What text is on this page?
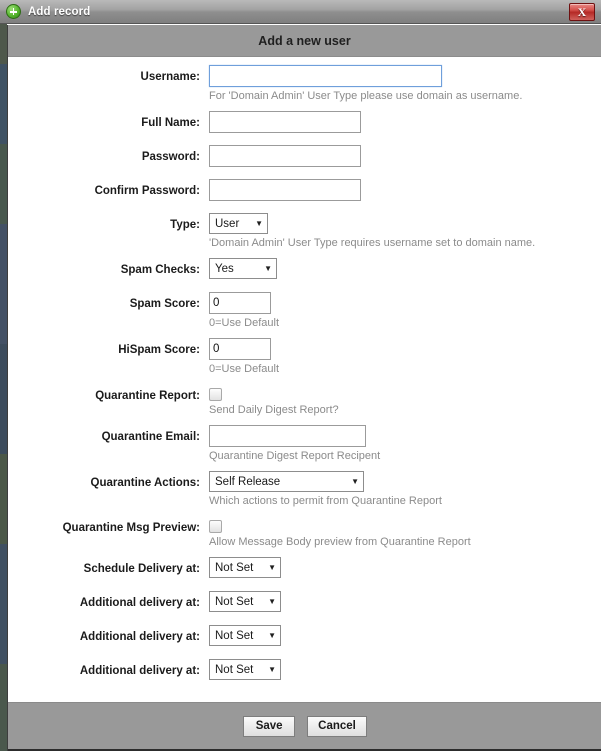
Add record	X
Add a new user
Username:
For 'Domain Admin' User Type please use domain as username.
Full Name:
Password:
Confirm Password:
Type:	User	▼
'Domain Admin' User Type requires username set to domain name.
Spam Checks:	Yes	▼
Spam Score:
0
0=Use Default
HiSpam Score:
0
0=Use Default
Quarantine Report:
Send Daily Digest Report?
Quarantine Email:
Quarantine Digest Report Recipent
Quarantine Actions:	Self Release	▼
Which actions to permit from Quarantine Report
Quarantine Msg Preview:
Allow Message Body preview from Quarantine Report
Schedule Delivery at:	Not Set	▼
Additional delivery at:	Not Set	▼
Additional delivery at:	Not Set	▼
Additional delivery at:	Not Set	▼
Save	Cancel
